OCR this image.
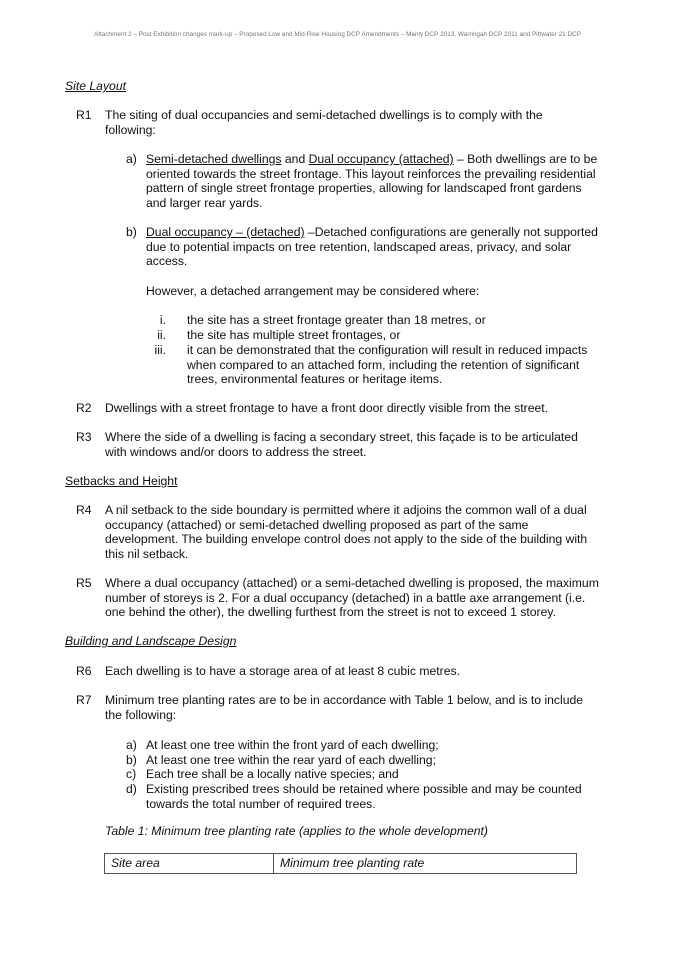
Attachment 2 – Post Exhibition changes mark-up – Proposed Low and Mid-Rise Housing DCP Amendments – Manly DCP 2013, Warringah DCP 2011 and Pittwater 21 DCP
Site Layout
R1 The siting of dual occupancies and semi-detached dwellings is to comply with the
following:
a) Semi-detached dwellings and Dual occupancy (attached) – Both dwellings are to be
oriented towards the street frontage. This layout reinforces the prevailing residential
pattern of single street frontage properties, allowing for landscaped front gardens
and larger rear yards.
b) Dual occupancy – (detached) –Detached configurations are generally not supported
due to potential impacts on tree retention, landscaped areas, privacy, and solar
access.
However, a detached arrangement may be considered where:
i. the site has a street frontage greater than 18 metres, or
ii. the site has multiple street frontages, or
iii. it can be demonstrated that the configuration will result in reduced impacts
when compared to an attached form, including the retention of significant
trees, environmental features or heritage items.
R2 Dwellings with a street frontage to have a front door directly visible from the street.
R3 Where the side of a dwelling is facing a secondary street, this façade is to be articulated
with windows and/or doors to address the street.
Setbacks and Height
R4 A nil setback to the side boundary is permitted where it adjoins the common wall of a dual
occupancy (attached) or semi-detached dwelling proposed as part of the same
development. The building envelope control does not apply to the side of the building with
this nil setback.
R5 Where a dual occupancy (attached) or a semi-detached dwelling is proposed, the maximum
number of storeys is 2. For a dual occupancy (detached) in a battle axe arrangement (i.e.
one behind the other), the dwelling furthest from the street is not to exceed 1 storey.
Building and Landscape Design
R6 Each dwelling is to have a storage area of at least 8 cubic metres.
R7 Minimum tree planting rates are to be in accordance with Table 1 below, and is to include
the following:
a) At least one tree within the front yard of each dwelling;
b) At least one tree within the rear yard of each dwelling;
c) Each tree shall be a locally native species; and
d) Existing prescribed trees should be retained where possible and may be counted
towards the total number of required trees.
Table 1: Minimum tree planting rate (applies to the whole development)
Site area	Minimum tree planting rate
